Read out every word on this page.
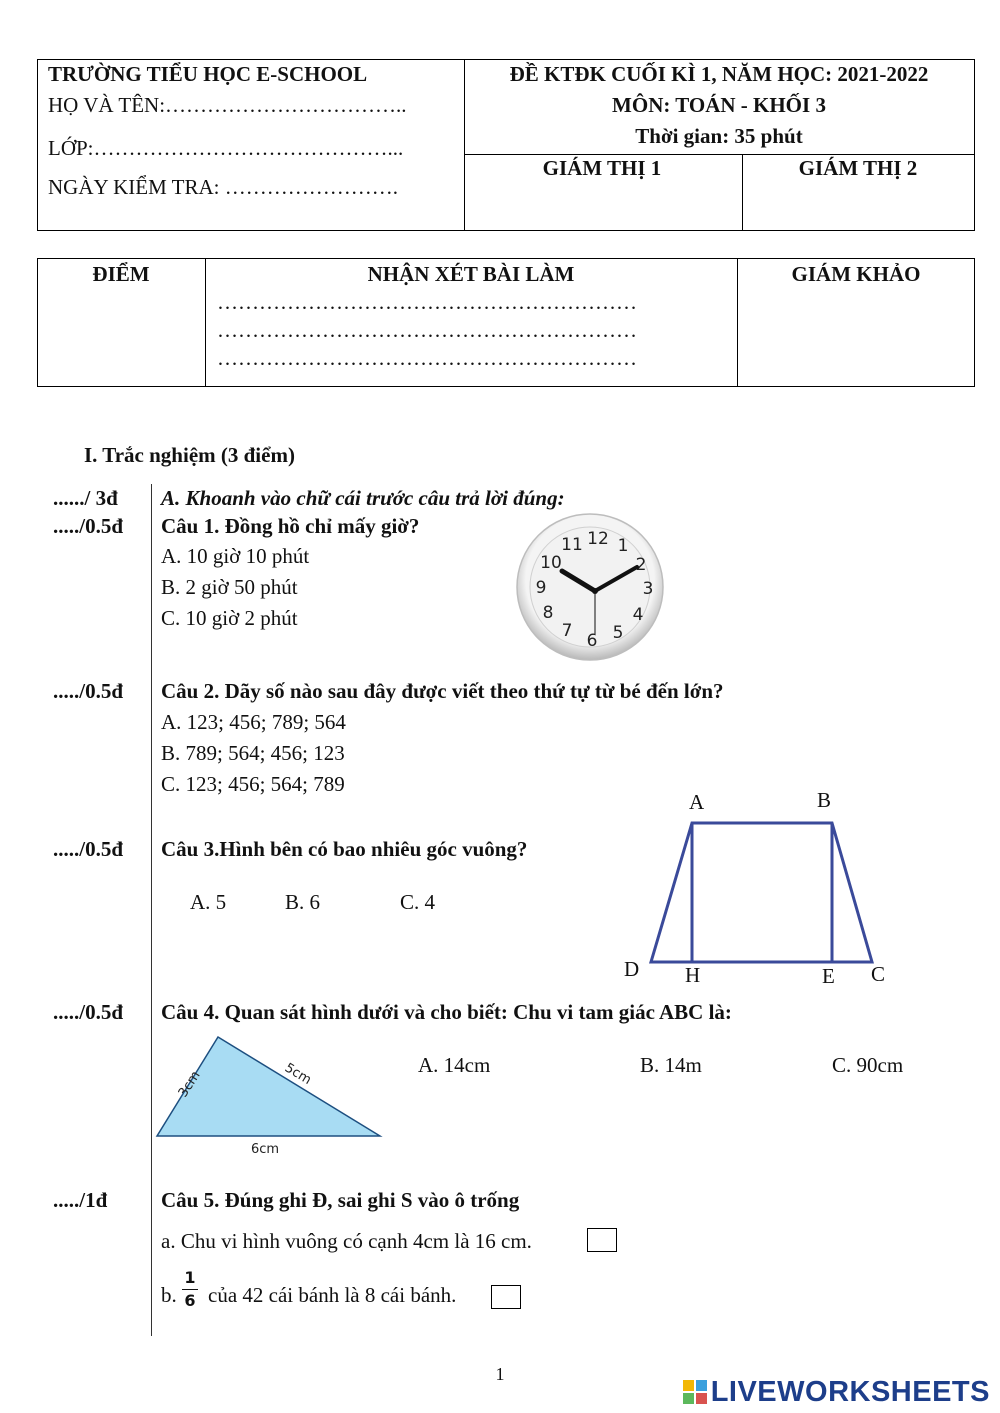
TRƯỜNG TIỂU HỌC E-SCHOOL
HỌ VÀ TÊN:……………………………..
LỚP:……………………………………...
NGÀY KIỂM TRA: …………………….
ĐỀ KTĐK CUỐI KÌ 1, NĂM HỌC: 2021-2022
MÔN: TOÁN - KHỐI 3
Thời gian: 35 phút
GIÁM THỊ 1	GIÁM THỊ 2
ĐIỂM	NHẬN XÉT BÀI LÀM	GIÁM KHẢO
……………………………………………………
……………………………………………………
……………………………………………………
I. Trắc nghiệm (3 điểm)
....../ 3đ A. Khoanh vào chữ cái trước câu trả lời đúng:
...../0.5đ Câu 1. Đồng hồ chỉ mấy giờ?
A. 10 giờ 10 phút
B. 2 giờ 50 phút
C. 10 giờ 2 phút
12 1
2
3
4
5
6
7
8
9
10
11
...../0.5đ Câu 2. Dãy số nào sau đây được viết theo thứ tự từ bé đến lớn?
A. 123; 456; 789; 564
B. 789; 564; 456; 123
C. 123; 456; 564; 789
...../0.5đ Câu 3.Hình bên có bao nhiêu góc vuông?
A. 5	B. 6	C. 4
A	B
D H	E C
...../0.5đ Câu 4. Quan sát hình dưới và cho biết: Chu vi tam giác ABC là:
A. 14cm	B. 14m	C. 90cm
3cm	5cm
6cm
...../1đ	Câu 5. Đúng ghi Đ, sai ghi S vào ô trống
a. Chu vi hình vuông có cạnh 4cm là 16 cm.
b.
1
6 của 42 cái bánh là 8 cái bánh.
1
LIVEWORKSHEETS
